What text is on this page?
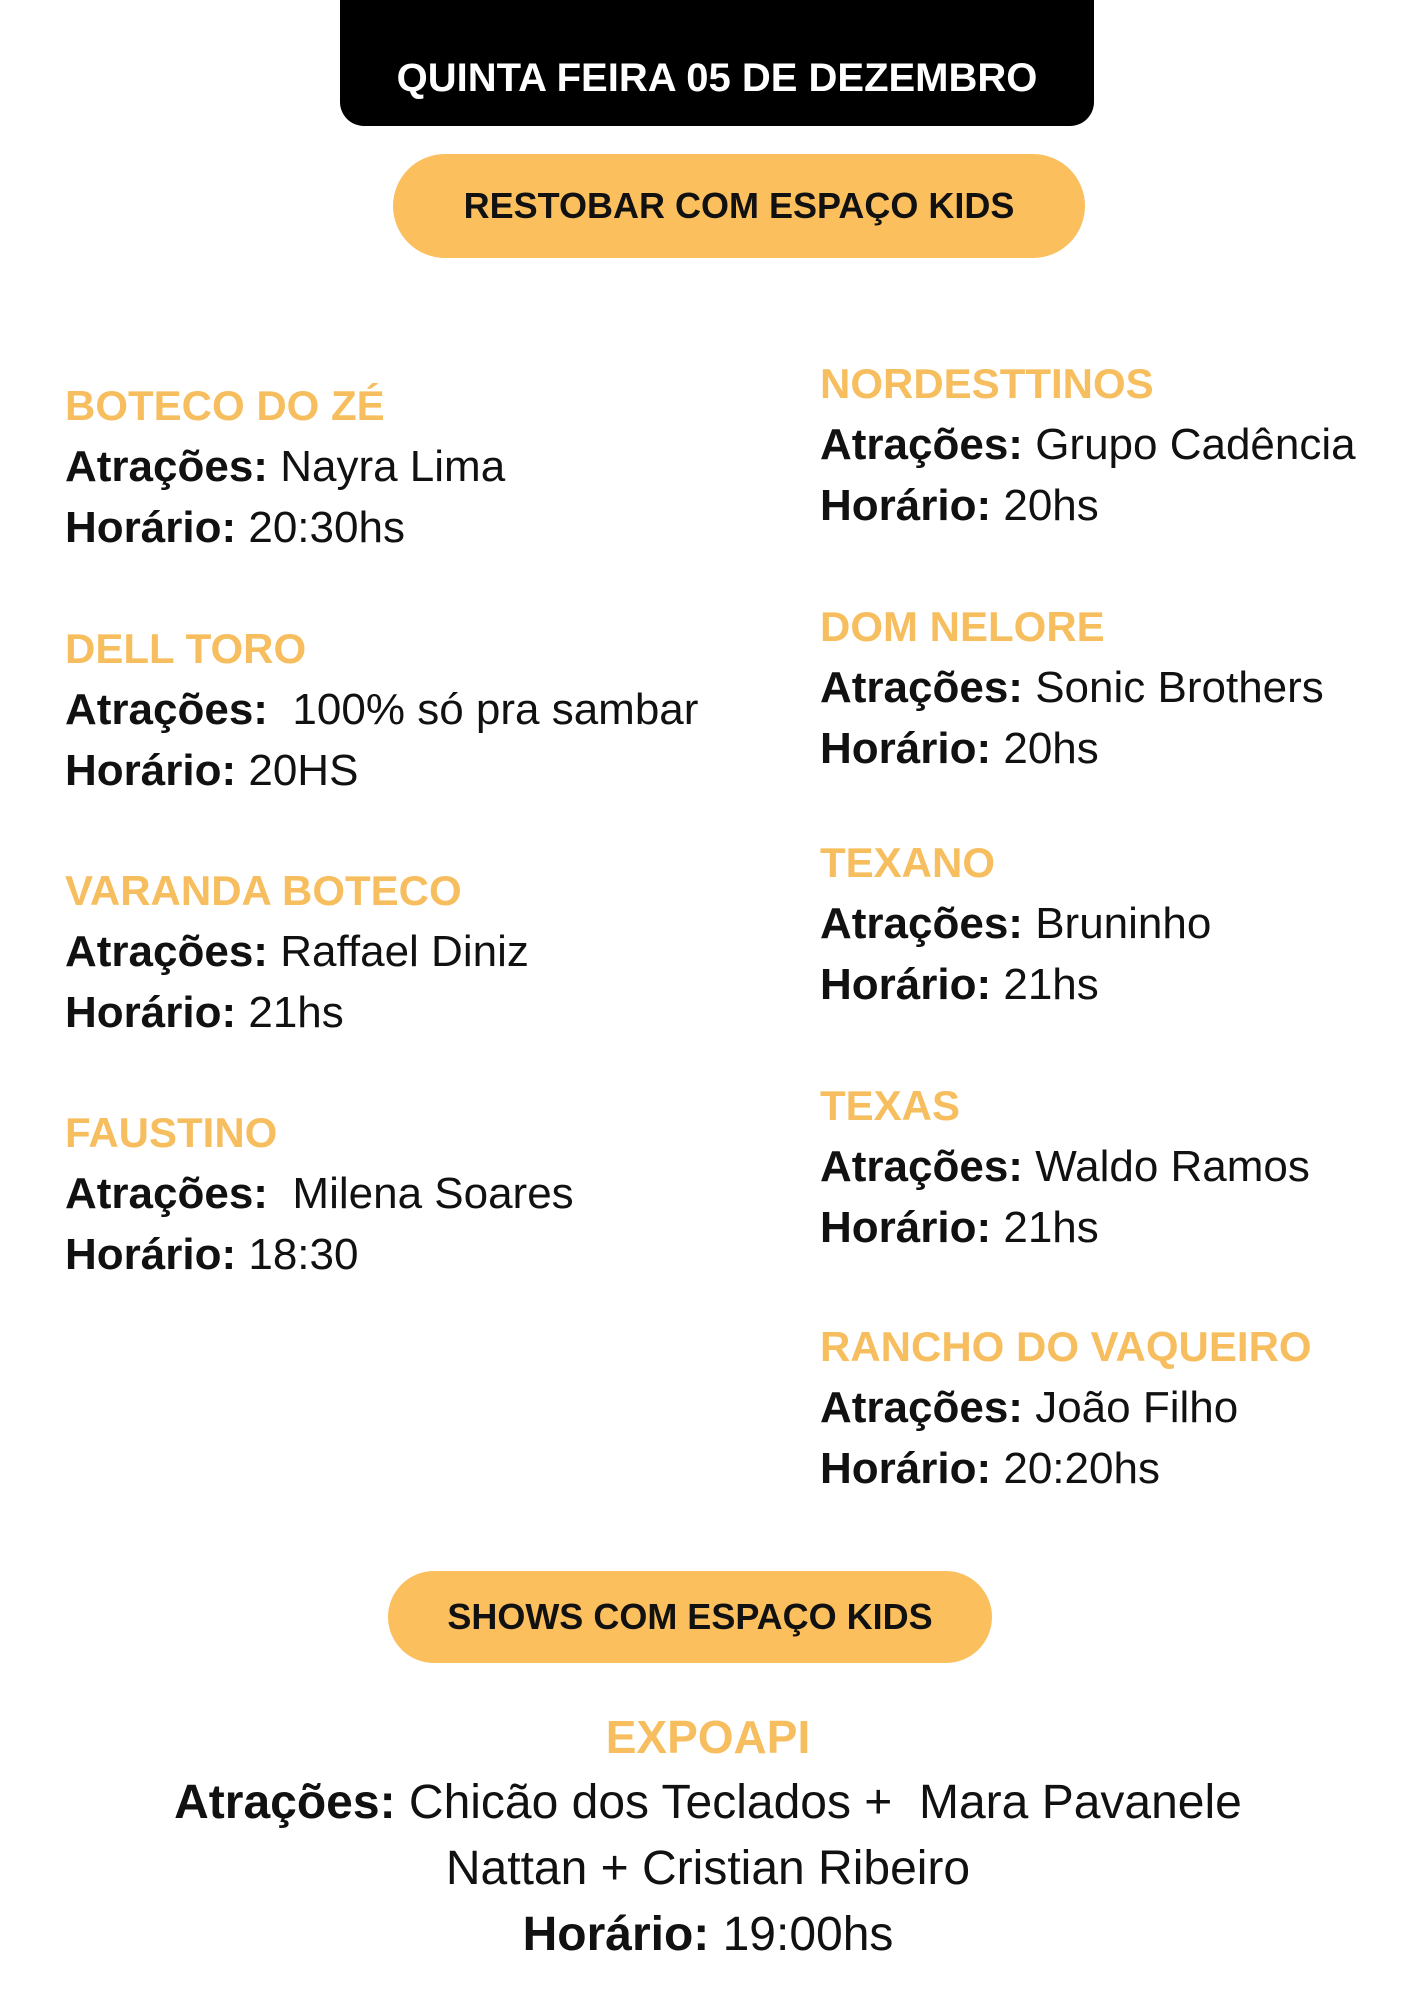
QUINTA FEIRA 05 DE DEZEMBRO
RESTOBAR COM ESPAÇO KIDS
BOTECO DO ZÉ
Atrações: Nayra Lima
Horário: 20:30hs
DELL TORO
Atrações:  100% só pra sambar
Horário: 20HS
VARANDA BOTECO
Atrações: Raffael Diniz
Horário: 21hs
FAUSTINO
Atrações:  Milena Soares
Horário: 18:30
NORDESTTINOS
Atrações: Grupo Cadência
Horário: 20hs
DOM NELORE
Atrações: Sonic Brothers
Horário: 20hs
TEXANO
Atrações: Bruninho
Horário: 21hs
TEXAS
Atrações: Waldo Ramos
Horário: 21hs
RANCHO DO VAQUEIRO
Atrações: João Filho
Horário: 20:20hs
SHOWS COM ESPAÇO KIDS
EXPOAPI
Atrações: Chicão dos Teclados +  Mara Pavanele
Nattan + Cristian Ribeiro
Horário: 19:00hs
